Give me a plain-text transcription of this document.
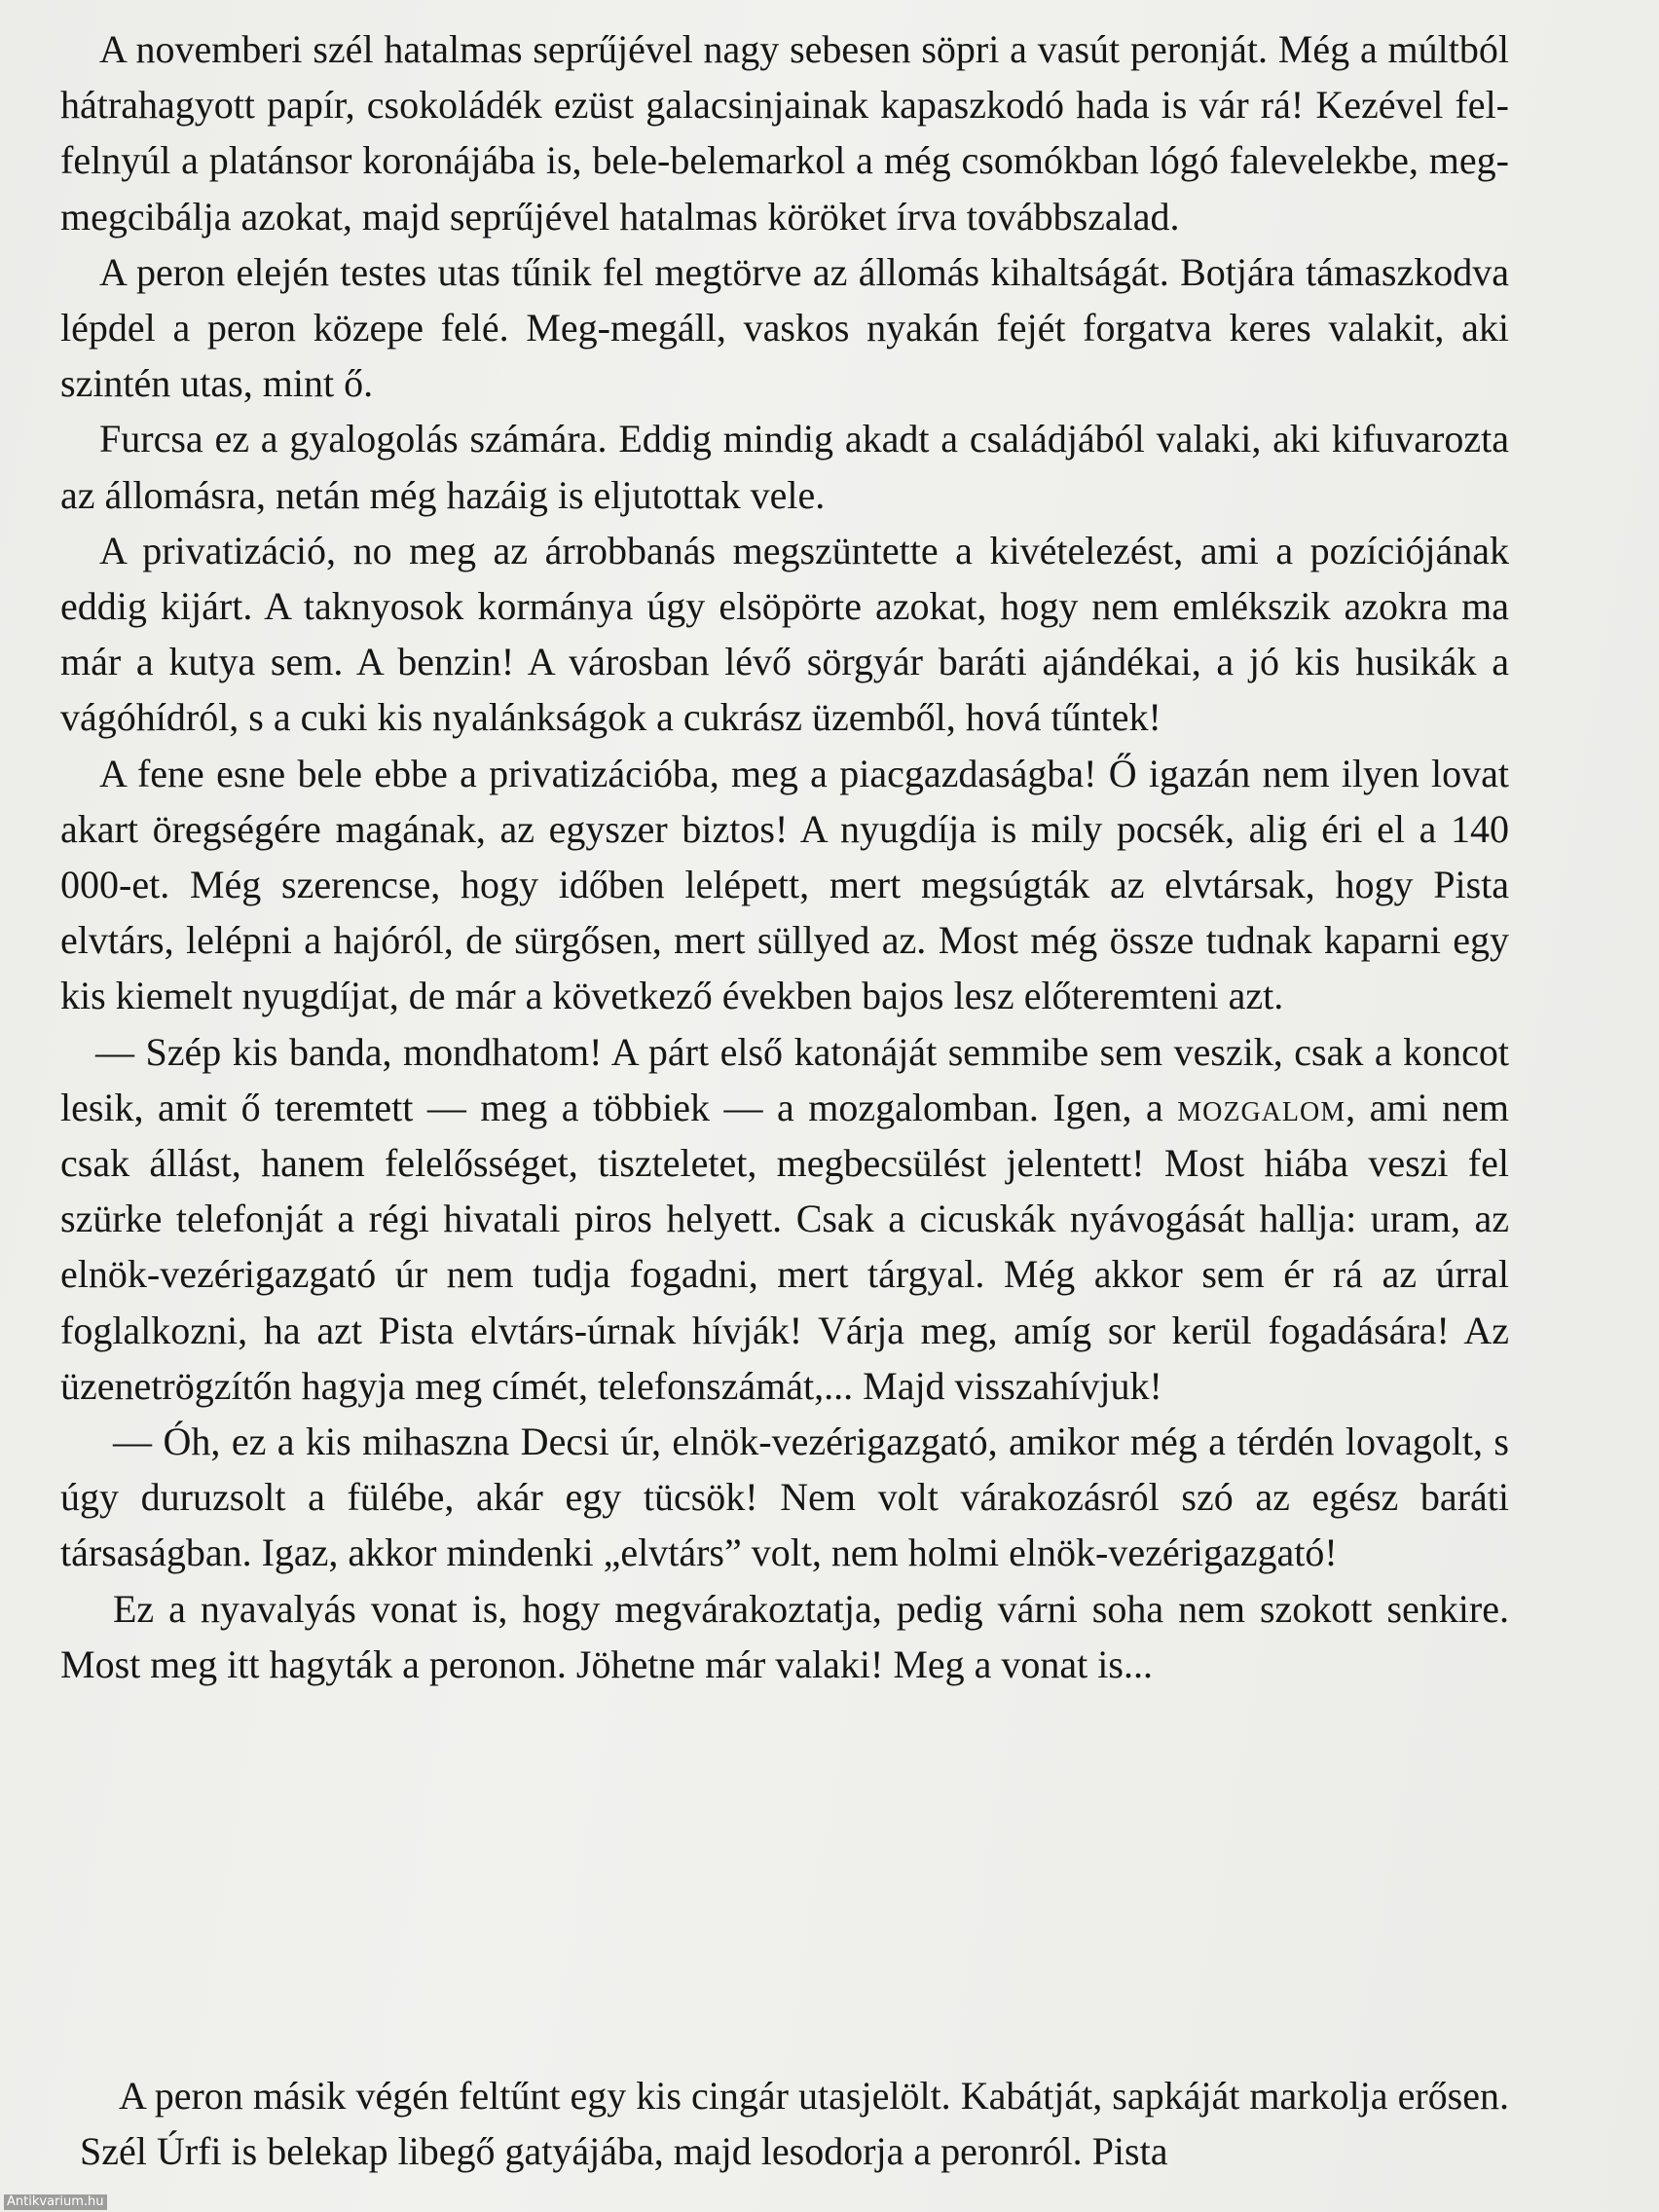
A novemberi szél hatalmas seprűjével nagy sebesen söpri a vasút peronját. Még a múltból hátrahagyott papír, csokoládék ezüst galacsinjainak kapaszkodó hada is vár rá! Kezével fel-felnyúl a platánsor koronájába is, bele-belemarkol a még csomókban lógó falevelekbe, meg-megcibálja azokat, majd seprűjével hatalmas köröket írva továbbszalad.

A peron elején testes utas tűnik fel megtörve az állomás kihaltságát. Botjára támaszkodva lépdel a peron közepe felé. Meg-megáll, vaskos nyakán fejét forgatva keres valakit, aki szintén utas, mint ő.

Furcsa ez a gyalogolás számára. Eddig mindig akadt a családjából valaki, aki kifuvarozta az állomásra, netán még hazáig is eljutottak vele.

A privatizáció, no meg az árrobbanás megszüntette a kivételezést, ami a pozíciójának eddig kijárt. A taknyosok kormánya úgy elsöpörte azokat, hogy nem emlékszik azokra ma már a kutya sem. A benzin! A városban lévő sörgyár baráti ajándékai, a jó kis husikák a vágóhídról, s a cuki kis nyalánkságok a cukrász üzemből, hová tűntek!

A fene esne bele ebbe a privatizációba, meg a piacgazdaságba! Ő igazán nem ilyen lovat akart öregségére magának, az egyszer biztos! A nyugdíja is mily pocsék, alig éri el a 140 000-et. Még szerencse, hogy időben lelépett, mert megsúgták az elvtársak, hogy Pista elvtárs, lelépni a hajóról, de sürgősen, mert süllyed az. Most még össze tudnak kaparni egy kis kiemelt nyugdíjat, de már a következő években bajos lesz előteremteni azt.

— Szép kis banda, mondhatom! A párt első katonáját semmibe sem veszik, csak a koncot lesik, amit ő teremtett — meg a többiek — a mozgalomban. Igen, a mozgalom, ami nem csak állást, hanem felelősséget, tiszteletet, megbecsülést jelentett! Most hiába veszi fel szürke telefonját a régi hivatali piros helyett. Csak a cicuskák nyávogását hallja: uram, az elnök-vezérigazgató úr nem tudja fogadni, mert tárgyal. Még akkor sem ér rá az úrral foglalkozni, ha azt Pista elvtárs-úrnak hívják! Várja meg, amíg sor kerül fogadására! Az üzenetrögzítőn hagyja meg címét, telefonszámát,... Majd visszahívjuk!

— Óh, ez a kis mihaszna Decsi úr, elnök-vezérigazgató, amikor még a térdén lovagolt, s úgy duruzsolt a fülébe, akár egy tücsök! Nem volt várakozásról szó az egész baráti társaságban. Igaz, akkor mindenki „elvtárs” volt, nem holmi elnök-vezérigazgató!

Ez a nyavalyás vonat is, hogy megvárakoztatja, pedig várni soha nem szokott senkire. Most meg itt hagyták a peronon. Jöhetne már valaki! Meg a vonat is...

A peron másik végén feltűnt egy kis cingár utasjelölt. Kabátját, sapkáját markolja erősen. Szél Úrfi is belekap libegő gatyájába, majd lesodorja a peronról. Pista

Antikvarium.hu
